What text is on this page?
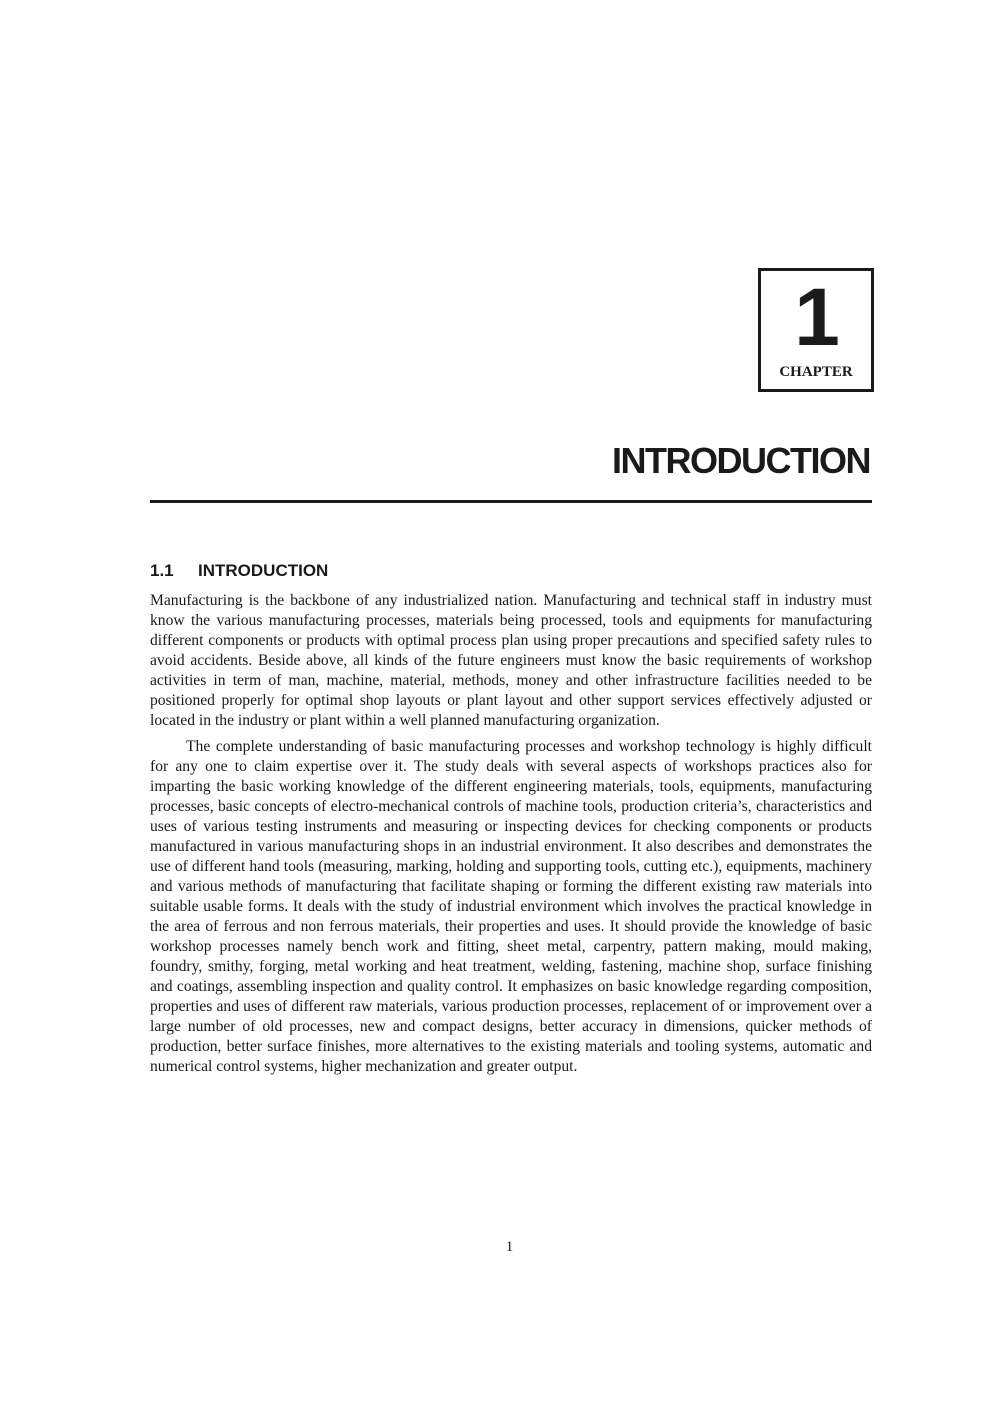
1
CHAPTER
INTRODUCTION
1.1 INTRODUCTION

Manufacturing is the backbone of any industrialized nation. Manufacturing and technical staff in industry must know the various manufacturing processes, materials being processed, tools and equipments for manufacturing different components or products with optimal process plan using proper precautions and specified safety rules to avoid accidents. Beside above, all kinds of the future engineers must know the basic requirements of workshop activities in term of man, machine, material, methods, money and other infrastructure facilities needed to be positioned properly for optimal shop layouts or plant layout and other support services effectively adjusted or located in the industry or plant within a well planned manufacturing organization.

The complete understanding of basic manufacturing processes and workshop technology is highly difficult for any one to claim expertise over it. The study deals with several aspects of workshops practices also for imparting the basic working knowledge of the different engineering materials, tools, equipments, manufacturing processes, basic concepts of electro-mechanical controls of machine tools, production criteria’s, characteristics and uses of various testing instruments and measuring or inspecting devices for checking components or products manufactured in various manufacturing shops in an industrial environment. It also describes and demonstrates the use of different hand tools (measuring, marking, holding and supporting tools, cutting etc.), equipments, machinery and various methods of manufacturing that facilitate shaping or forming the different existing raw materials into suitable usable forms. It deals with the study of industrial environment which involves the practical knowledge in the area of ferrous and non ferrous materials, their properties and uses. It should provide the knowledge of basic workshop processes namely bench work and fitting, sheet metal, carpentry, pattern making, mould making, foundry, smithy, forging, metal working and heat treatment, welding, fastening, machine shop, surface finishing and coatings, assembling inspection and quality control. It emphasizes on basic knowledge regarding composition, properties and uses of different raw materials, various production processes, replacement of or improvement over a large number of old processes, new and compact designs, better accuracy in dimensions, quicker methods of production, better surface finishes, more alternatives to the existing materials and tooling systems, automatic and numerical control systems, higher mechanization and greater output.

1
